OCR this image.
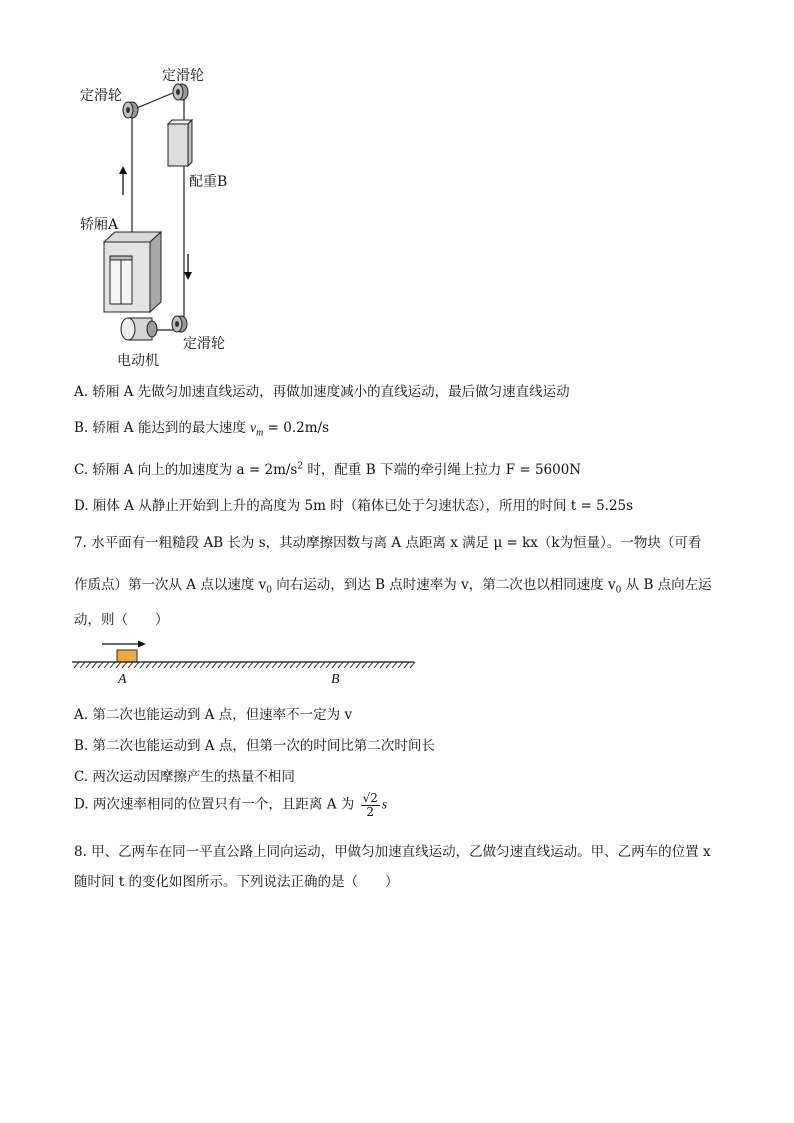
定滑轮
定滑轮
配重B
轿厢A
电动机
定滑轮
A. 轿厢 A 先做匀加速直线运动，再做加速度减小的直线运动，最后做匀速直线运动
B. 轿厢 A 能达到的最大速度 $v_m = 0.2m/s$
C. 轿厢 A 向上的加速度为 $a = 2m/s^2$ 时，配重 B 下端的牵引绳上拉力 F = 5600N
D. 厢体 A 从静止开始到上升的高度为 5m 时（箱体已处于匀速状态），所用的时间 t = 5.25s
7. 水平面有一粗糙段 AB 长为 s，其动摩擦因数与离 A 点距离 x 满足 μ = kx（k为恒量）。一物块（可看
作质点）第一次从 A 点以速度 $v_0$ 向右运动，到达 B 点时速率为 v，第二次也以相同速度 $v_0$ 从 B 点向左运
动，则（　　）
A	B
A. 第二次也能运动到 A 点，但速率不一定为 v
B. 第二次也能运动到 A 点，但第一次的时间比第二次时间长
C. 两次运动因摩擦产生的热量不相同
D. 两次速率相同的位置只有一个，且距离 A 为 $\frac{√2}{2}$ s
8. 甲、乙两车在同一平直公路上同向运动，甲做匀加速直线运动，乙做匀速直线运动。甲、乙两车的位置 x
随时间 t 的变化如图所示。下列说法正确的是（　　）
